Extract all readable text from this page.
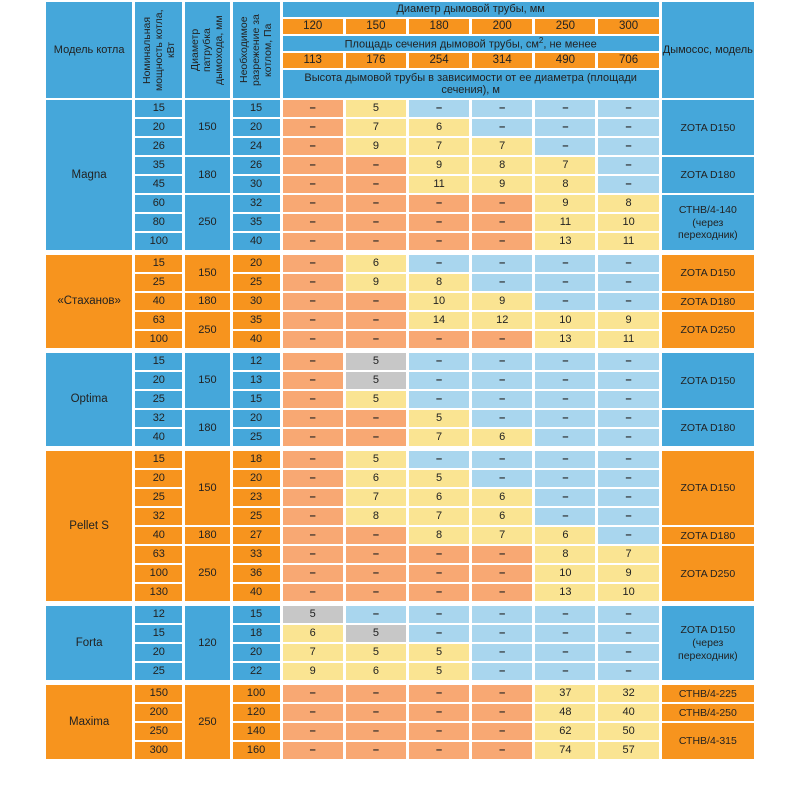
Модель котла	Номинальная мощность котла, кВт	Диаметр патрубка дымохода, мм	Необходимое разрежение за котлом, Па	Диаметр дымовой трубы, мм						Дымосос, модель
				120	150	180	200	250	300	
				Площадь сечения дымовой трубы, $см^2$, не менее						
				113	176	254	314	490	706	
				Высота дымовой трубы в зависимости от ее диаметра (площади сечения), м						
Magna	15	150	15	–	5	–	–	–	–	ZOTA D150
	20		20	–	7	6	–	–	–	
	26		24	–	9	7	7	–	–	
	35	180	26	–	–	9	8	7	–	ZOTA D180
	45		30	–	–	11	9	8	–	
	60	250	32	–	–	–	–	9	8	СТНВ/4-140 (через переходник)
	80		35	–	–	–	–	11	10	
	100		40	–	–	–	–	13	11	

«Стаханов»	15	150	20	–	6	–	–	–	–	ZOTA D150
	25		25	–	9	8	–	–	–	
	40	180	30	–	–	10	9	–	–	ZOTA D180
	63	250	35	–	–	14	12	10	9	ZOTA D250
	100		40	–	–	–	–	13	11	

Optima	15	150	12	–	5	–	–	–	–	ZOTA D150
	20		13	–	5	–	–	–	–	
	25		15	–	5	–	–	–	–	
	32	180	20	–	–	5	–	–	–	ZOTA D180
	40		25	–	–	7	6	–	–	

Pellet S	15	150	18	–	5	–	–	–	–	ZOTA D150
	20		20	–	6	5	–	–	–	
	25		23	–	7	6	6	–	–	
	32		25	–	8	7	6	–	–	
	40	180	27	–	–	8	7	6	–	ZOTA D180
	63	250	33	–	–	–	–	8	7	ZOTA D250
	100		36	–	–	–	–	10	9	
	130		40	–	–	–	–	13	10	

Forta	12	120	15	5	–	–	–	–	–	ZOTA D150 (через переходник)
	15		18	6	5	–	–	–	–	
	20		20	7	5	5	–	–	–	
	25		22	9	6	5	–	–	–	

Maxima	150	250	100	–	–	–	–	37	32	СТНВ/4-225
	200		120	–	–	–	–	48	40	СТНВ/4-250
	250		140	–	–	–	–	62	50	СТНВ/4-315
	300		160	–	–	–	–	74	57	
